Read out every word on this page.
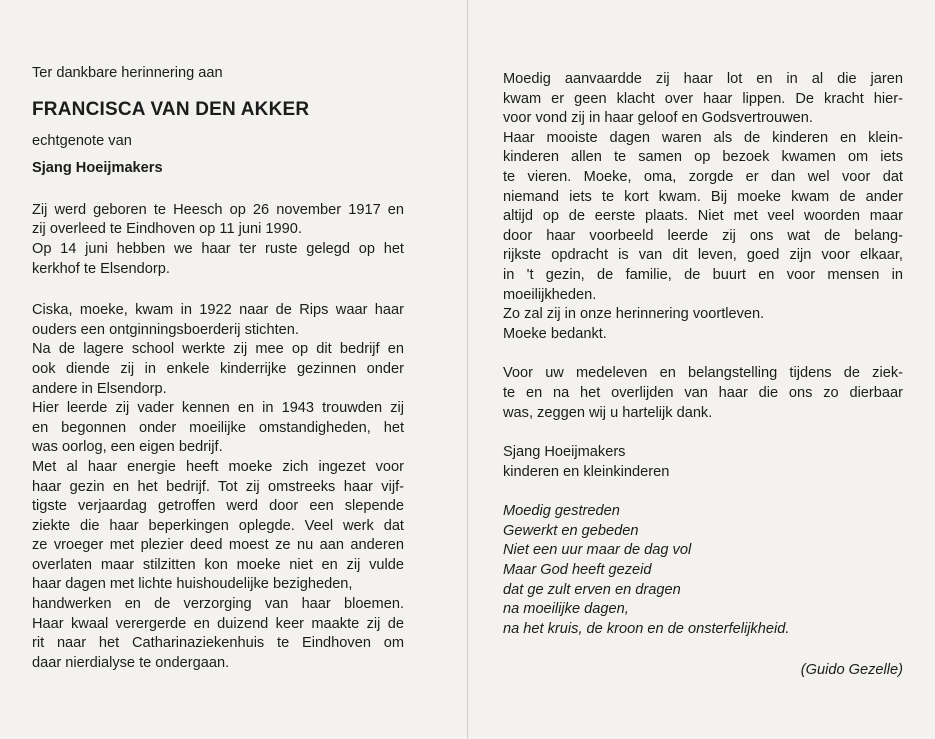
Ter dankbare herinnering aan
FRANCISCA VAN DEN AKKER
echtgenote van
Sjang Hoeijmakers
Zij werd geboren te Heesch op 26 november 1917 en
zij overleed te Eindhoven op 11 juni 1990.
Op 14 juni hebben we haar ter ruste gelegd op het
kerkhof te Elsendorp.
Ciska, moeke, kwam in 1922 naar de Rips waar haar
ouders een ontginningsboerderij stichten.
Na de lagere school werkte zij mee op dit bedrijf en
ook diende zij in enkele kinderrijke gezinnen onder
andere in Elsendorp.
Hier leerde zij vader kennen en in 1943 trouwden zij
en begonnen onder moeilijke omstandigheden, het
was oorlog, een eigen bedrijf.
Met al haar energie heeft moeke zich ingezet voor
haar gezin en het bedrijf. Tot zij omstreeks haar vijf-
tigste verjaardag getroffen werd door een slepende
ziekte die haar beperkingen oplegde. Veel werk dat
ze vroeger met plezier deed moest ze nu aan anderen
overlaten maar stilzitten kon moeke niet en zij vulde
haar dagen met lichte huishoudelijke bezigheden,
handwerken en de verzorging van haar bloemen.
Haar kwaal verergerde en duizend keer maakte zij de
rit naar het Catharinaziekenhuis te Eindhoven om
daar nierdialyse te ondergaan.
Moedig aanvaardde zij haar lot en in al die jaren
kwam er geen klacht over haar lippen. De kracht hier-
voor vond zij in haar geloof en Godsvertrouwen.
Haar mooiste dagen waren als de kinderen en klein-
kinderen allen te samen op bezoek kwamen om iets
te vieren. Moeke, oma, zorgde er dan wel voor dat
niemand iets te kort kwam. Bij moeke kwam de ander
altijd op de eerste plaats. Niet met veel woorden maar
door haar voorbeeld leerde zij ons wat de belang-
rijkste opdracht is van dit leven, goed zijn voor elkaar,
in 't gezin, de familie, de buurt en voor mensen in
moeilijkheden.
Zo zal zij in onze herinnering voortleven.
Moeke bedankt.
Voor uw medeleven en belangstelling tijdens de ziek-
te en na het overlijden van haar die ons zo dierbaar
was, zeggen wij u hartelijk dank.
Sjang Hoeijmakers
kinderen en kleinkinderen
Moedig gestreden
Gewerkt en gebeden
Niet een uur maar de dag vol
Maar God heeft gezeid
dat ge zult erven en dragen
na moeilijke dagen,
na het kruis, de kroon en de onsterfelijkheid.
(Guido Gezelle)
